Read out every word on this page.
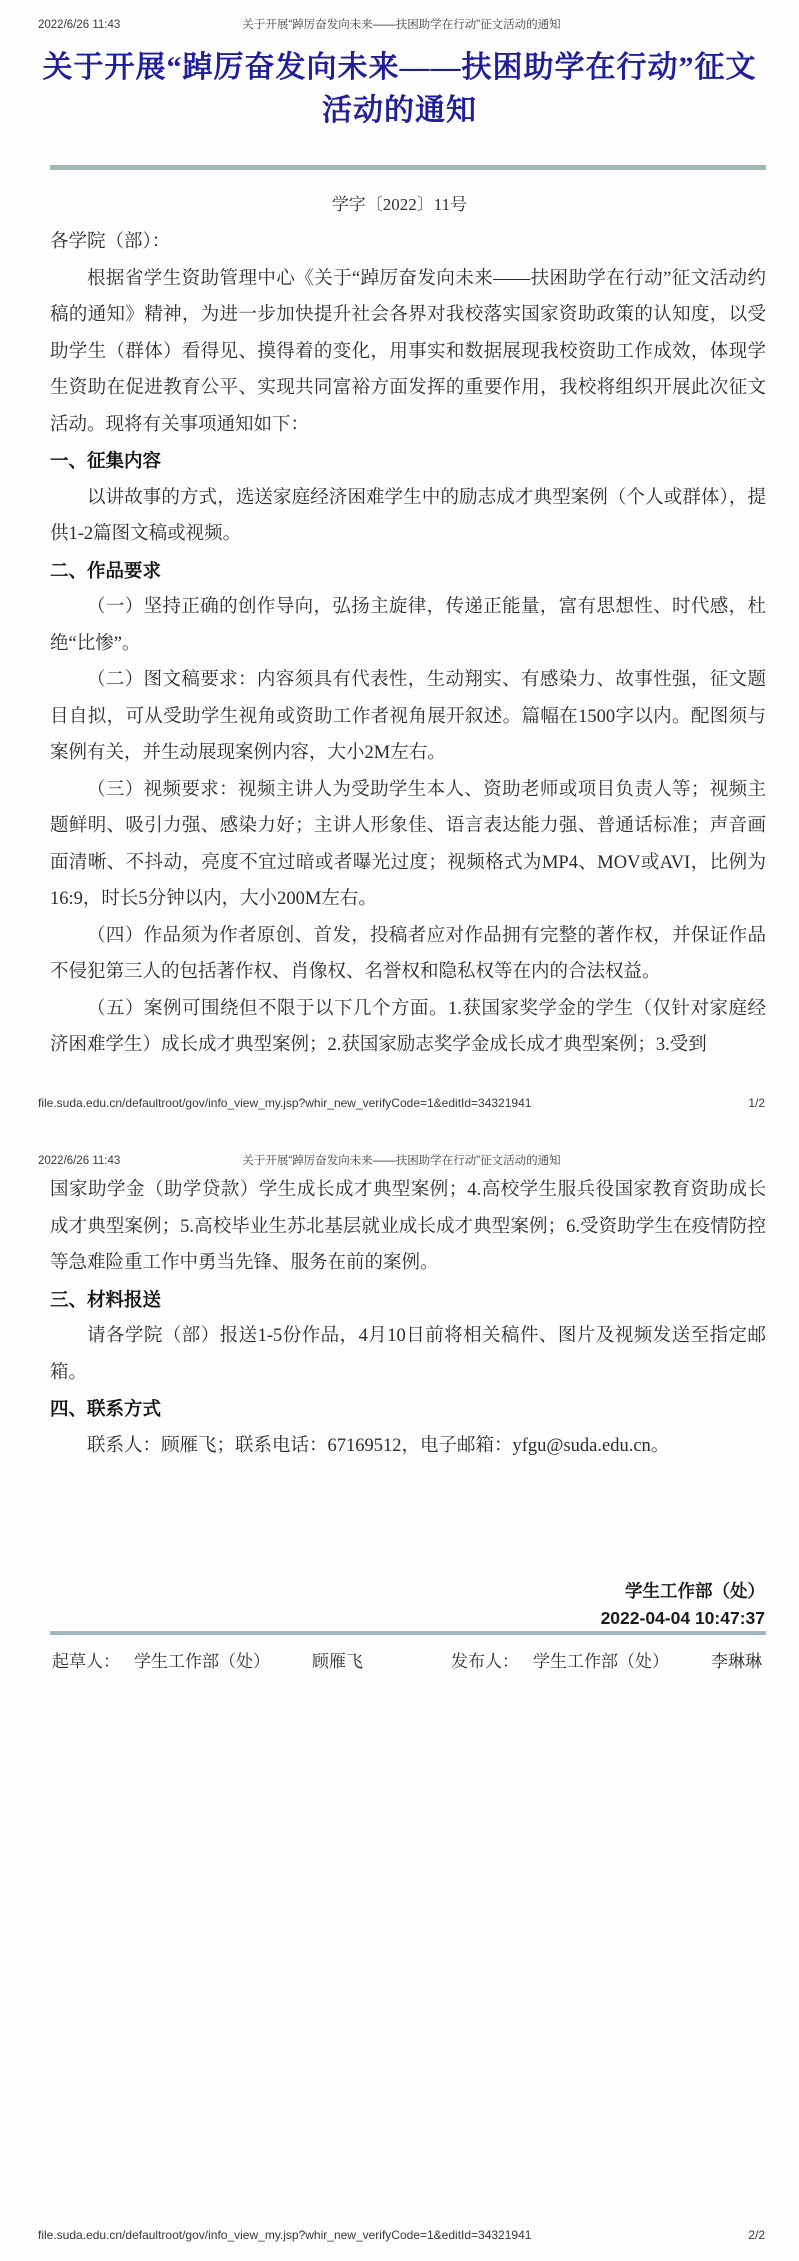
2022/6/26 11:43	关于开展“踔厉奋发向未来——扶困助学在行动”征文活动的通知
关于开展“踔厉奋发向未来——扶困助学在行动”征文活动的通知
学字〔2022〕11号

各学院（部）：

根据省学生资助管理中心《关于“踔厉奋发向未来——扶困助学在行动”征文活动约稿的通知》精神，为进一步加快提升社会各界对我校落实国家资助政策的认知度，以受助学生（群体）看得见、摸得着的变化，用事实和数据展现我校资助工作成效，体现学生资助在促进教育公平、实现共同富裕方面发挥的重要作用，我校将组织开展此次征文活动。现将有关事项通知如下：

一、征集内容

以讲故事的方式，选送家庭经济困难学生中的励志成才典型案例（个人或群体），提供1-2篇图文稿或视频。

二、作品要求

（一）坚持正确的创作导向，弘扬主旋律，传递正能量，富有思想性、时代感，杜绝“比惨”。

（二）图文稿要求：内容须具有代表性，生动翔实、有感染力、故事性强，征文题目自拟，可从受助学生视角或资助工作者视角展开叙述。篇幅在1500字以内。配图须与案例有关，并生动展现案例内容，大小2M左右。

（三）视频要求：视频主讲人为受助学生本人、资助老师或项目负责人等；视频主题鲜明、吸引力强、感染力好；主讲人形象佳、语言表达能力强、普通话标准；声音画面清晰、不抖动，亮度不宜过暗或者曝光过度；视频格式为MP4、MOV或AVI，比例为16:9，时长5分钟以内，大小200M左右。

（四）作品须为作者原创、首发，投稿者应对作品拥有完整的著作权，并保证作品不侵犯第三人的包括著作权、肖像权、名誉权和隐私权等在内的合法权益。

（五）案例可围绕但不限于以下几个方面。1.获国家奖学金的学生（仅针对家庭经济困难学生）成长成才典型案例；2.获国家励志奖学金成长成才典型案例；3.受到

file.suda.edu.cn/defaultroot/gov/info_view_my.jsp?whir_new_verifyCode=1&editId=34321941	1/2
2022/6/26 11:43	关于开展“踔厉奋发向未来——扶困助学在行动”征文活动的通知

国家助学金（助学贷款）学生成长成才典型案例；4.高校学生服兵役国家教育资助成长成才典型案例；5.高校毕业生苏北基层就业成长成才典型案例；6.受资助学生在疫情防控等急难险重工作中勇当先锋、服务在前的案例。

三、材料报送

请各学院（部）报送1-5份作品，4月10日前将相关稿件、图片及视频发送至指定邮箱。

四、联系方式

联系人：顾雁飞；联系电话：67169512，电子邮箱：yfgu@suda.edu.cn。

学生工作部（处）
2022-04-04 10:47:37
起草人： 学生工作部（处） 顾雁飞	发布人： 学生工作部（处） 李琳琳
file.suda.edu.cn/defaultroot/gov/info_view_my.jsp?whir_new_verifyCode=1&editId=34321941	2/2
